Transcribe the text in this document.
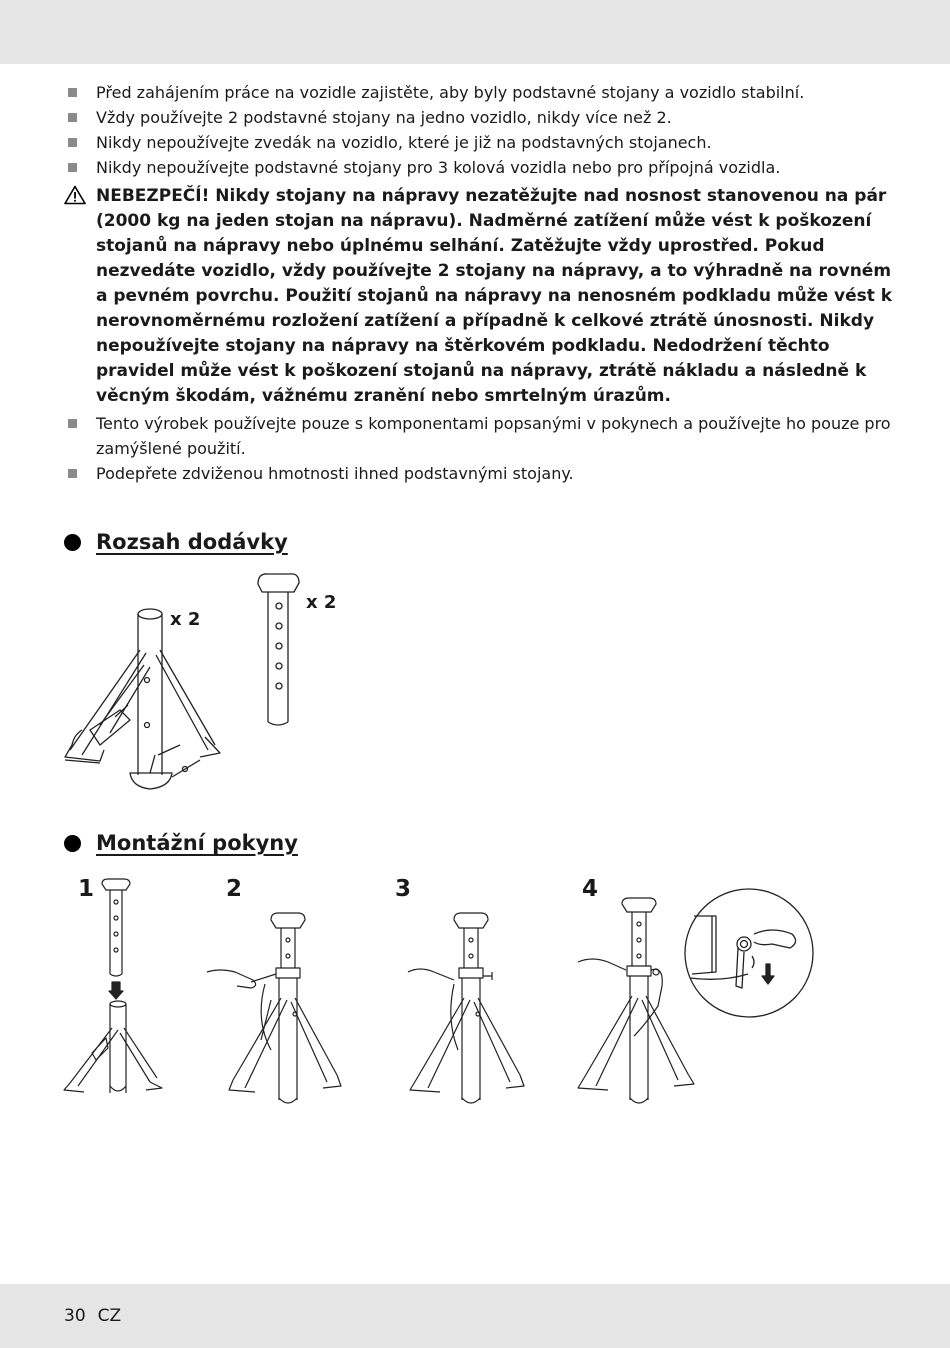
Před zahájením práce na vozidle zajistěte, aby byly podstavné stojany a vozidlo stabilní.
Vždy používejte 2 podstavné stojany na jedno vozidlo, nikdy více než 2.
Nikdy nepoužívejte zvedák na vozidlo, které je již na podstavných stojanech.
Nikdy nepoužívejte podstavné stojany pro 3 kolová vozidla nebo pro přípojná vozidla.
NEBEZPEČÍ! Nikdy stojany na nápravy nezatěžujte nad nosnost stanovenou na pár (2000 kg na jeden stojan na nápravu). Nadměrné zatížení může vést k poškození stojanů na nápravy nebo úplnému selhání. Zatěžujte vždy uprostřed. Pokud nezvedáte vozidlo, vždy používejte 2 stojany na nápravy, a to výhradně na rovném a pevném povrchu. Použití stojanů na nápravy na nenosném podkladu může vést k nerovnoměrnému rozložení zatížení a případně k celkové ztrátě únosnosti. Nikdy nepoužívejte stojany na nápravy na štěrkovém podkladu. Nedodržení těchto pravidel může vést k poškození stojanů na nápravy, ztrátě nákladu a následně k věcným škodám, vážnému zranění nebo smrtelným úrazům.
Tento výrobek používejte pouze s komponentami popsanými v pokynech a používejte ho pouze pro zamýšlené použití.
Podepřete zdviženou hmotnosti ihned podstavnými stojany.
Rozsah dodávky
x 2
x 2
Montážní pokyny
1	2	3	4
30 CZ
